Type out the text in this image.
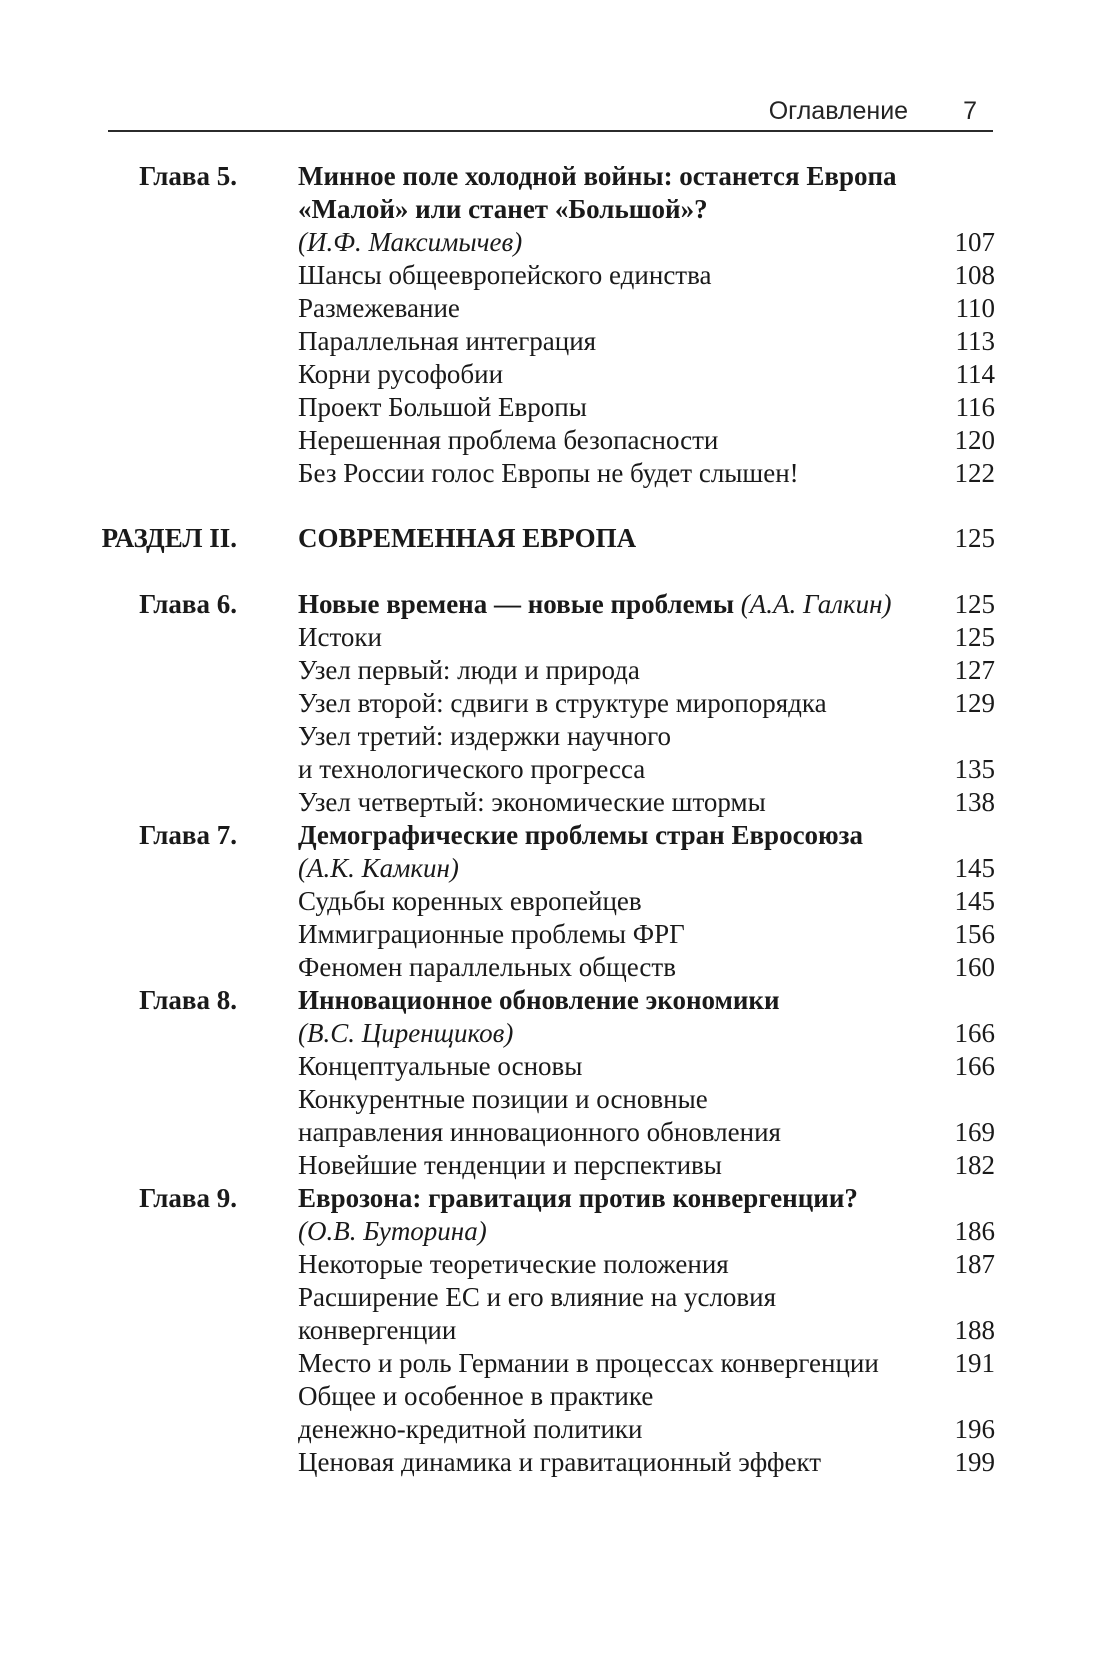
Оглавление 7
Глава 5. Минное поле холодной войны: останется Европа
«Малой» или станет «Большой»?
(И.Ф. Максимычев)	107
Шансы общеевропейского единства	108
Размежевание	110
Параллельная интеграция	113
Корни русофобии	114
Проект Большой Европы	116
Нерешенная проблема безопасности	120
Без России голос Европы не будет слышен!	122
РАЗДЕЛ II. СОВРЕМЕННАЯ ЕВРОПА	125
Глава 6. Новые времена — новые проблемы (А.А. Галкин)	125
Истоки	125
Узел первый: люди и природа	127
Узел второй: сдвиги в структуре миропорядка	129
Узел третий: издержки научного
и технологического прогресса	135
Узел четвертый: экономические штормы	138
Глава 7. Демографические проблемы стран Евросоюза
(А.К. Камкин)	145
Судьбы коренных европейцев	145
Иммиграционные проблемы ФРГ	156
Феномен параллельных обществ	160
Глава 8. Инновационное обновление экономики
(В.С. Циренщиков)	166
Концептуальные основы	166
Конкурентные позиции и основные
направления инновационного обновления	169
Новейшие тенденции и перспективы	182
Глава 9. Еврозона: гравитация против конвергенции?
(О.В. Буторина)	186
Некоторые теоретические положения	187
Расширение ЕС и его влияние на условия
конвергенции	188
Место и роль Германии в процессах конвергенции	191
Общее и особенное в практике
денежно-кредитной политики	196
Ценовая динамика и гравитационный эффект	199
